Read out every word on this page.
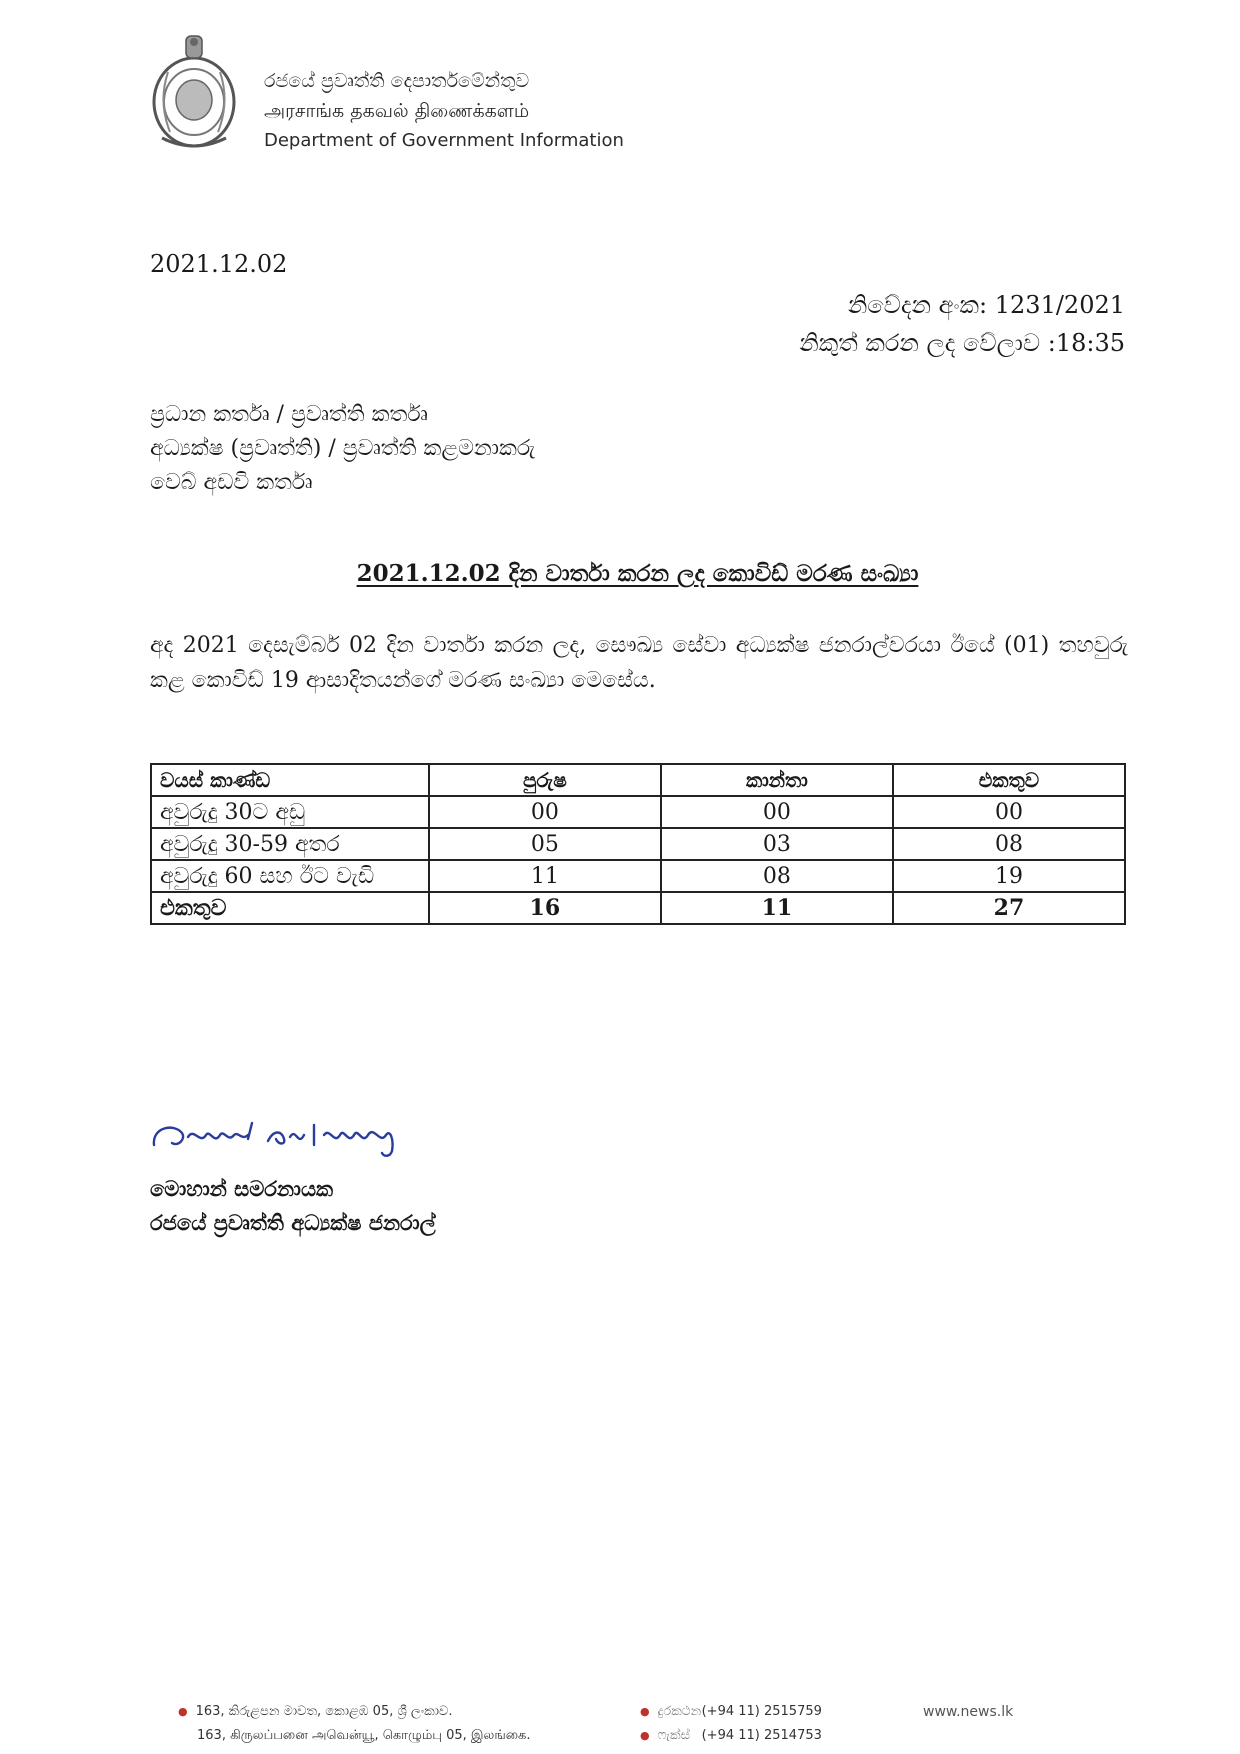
රජයේ ප්‍රවෘත්ති දෙපාර්තමේන්තුව
அரசாங்க தகவல் திணைக்களம்
Department of Government Information
2021.12.02
නිවේදන අංක: 1231/2021
නිකුත් කරන ලද වේලාව :18:35
ප්‍රධාන කර්තෘ / ප්‍රවෘත්ති කර්තෘ
අධ්‍යක්ෂ (ප්‍රවෘත්ති) / ප්‍රවෘත්ති කළමනාකරු
වෙබ් අඩවි කර්තෘ
2021.12.02 දින වාර්තා කරන ලද කොවිඩ් මරණ සංඛ්‍යා
අද 2021 දෙසැම්බර් 02 දින වාර්තා කරන ලද, සෞඛ්‍ය සේවා අධ්‍යක්ෂ ජනරාල්වරයා ඊයේ (01) තහවුරු කළ කොවිඩ් 19 ආසාදිතයන්ගේ මරණ සංඛ්‍යා මෙසේය.
වයස් කාණ්ඩ	පුරුෂ	කාන්තා	එකතුව
අවුරුදු 30ට අඩු	00	00	00
අවුරුදු 30-59 අතර	05	03	08
අවුරුදු 60 සහ ඊට වැඩි	11	08	19
එකතුව	16	11	27
මොහාන් සමරනායක
රජයේ ප්‍රවෘත්ති අධ්‍යක්ෂ ජනරාල්
● 163, කිරුළපන මාවත, කොළඹ 05, ශ්‍රී ලංකාව.
163, கிருலப்பனை அவென்யூ, கொழும்பு 05, இலங்கை.
● දුරකථන(+94 11) 2515759
● ෆැක්ස් (+94 11) 2514753
www.news.lk
